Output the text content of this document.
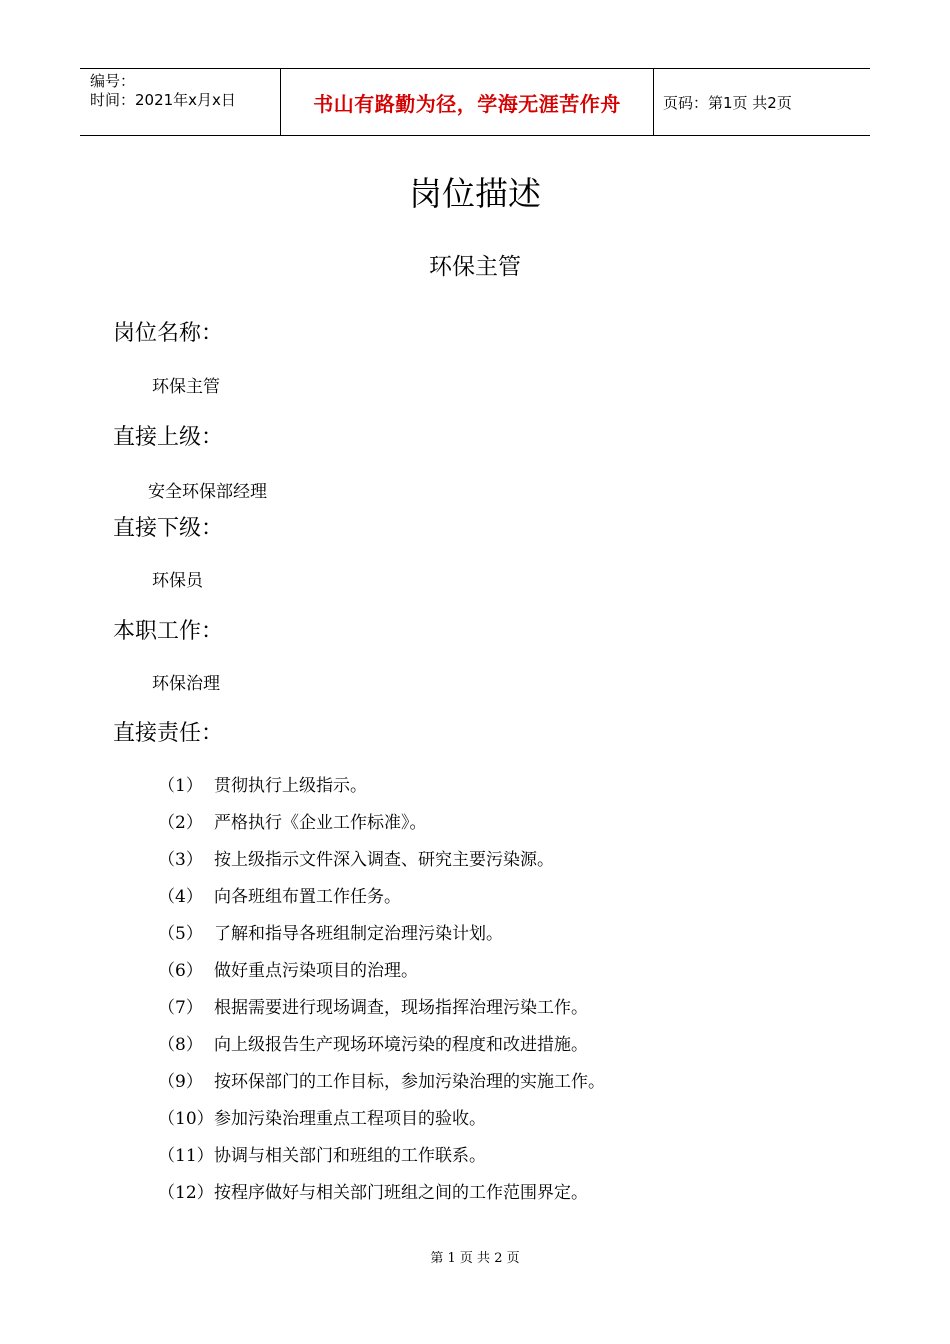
编号：
时间：2021年x月x日	书山有路勤为径，学海无涯苦作舟	页码：第1页 共2页
岗位描述
环保主管
岗位名称：
环保主管
直接上级：
安全环保部经理
直接下级：
环保员
本职工作：
环保治理
直接责任：
（1） 贯彻执行上级指示。
（2） 严格执行《企业工作标准》。
（3） 按上级指示文件深入调查、研究主要污染源。
（4） 向各班组布置工作任务。
（5） 了解和指导各班组制定治理污染计划。
（6） 做好重点污染项目的治理。
（7） 根据需要进行现场调查，现场指挥治理污染工作。
（8） 向上级报告生产现场环境污染的程度和改进措施。
（9） 按环保部门的工作目标，参加污染治理的实施工作。
（10） 参加污染治理重点工程项目的验收。
（11） 协调与相关部门和班组的工作联系。
（12） 按程序做好与相关部门班组之间的工作范围界定。
第 1 页 共 2 页
